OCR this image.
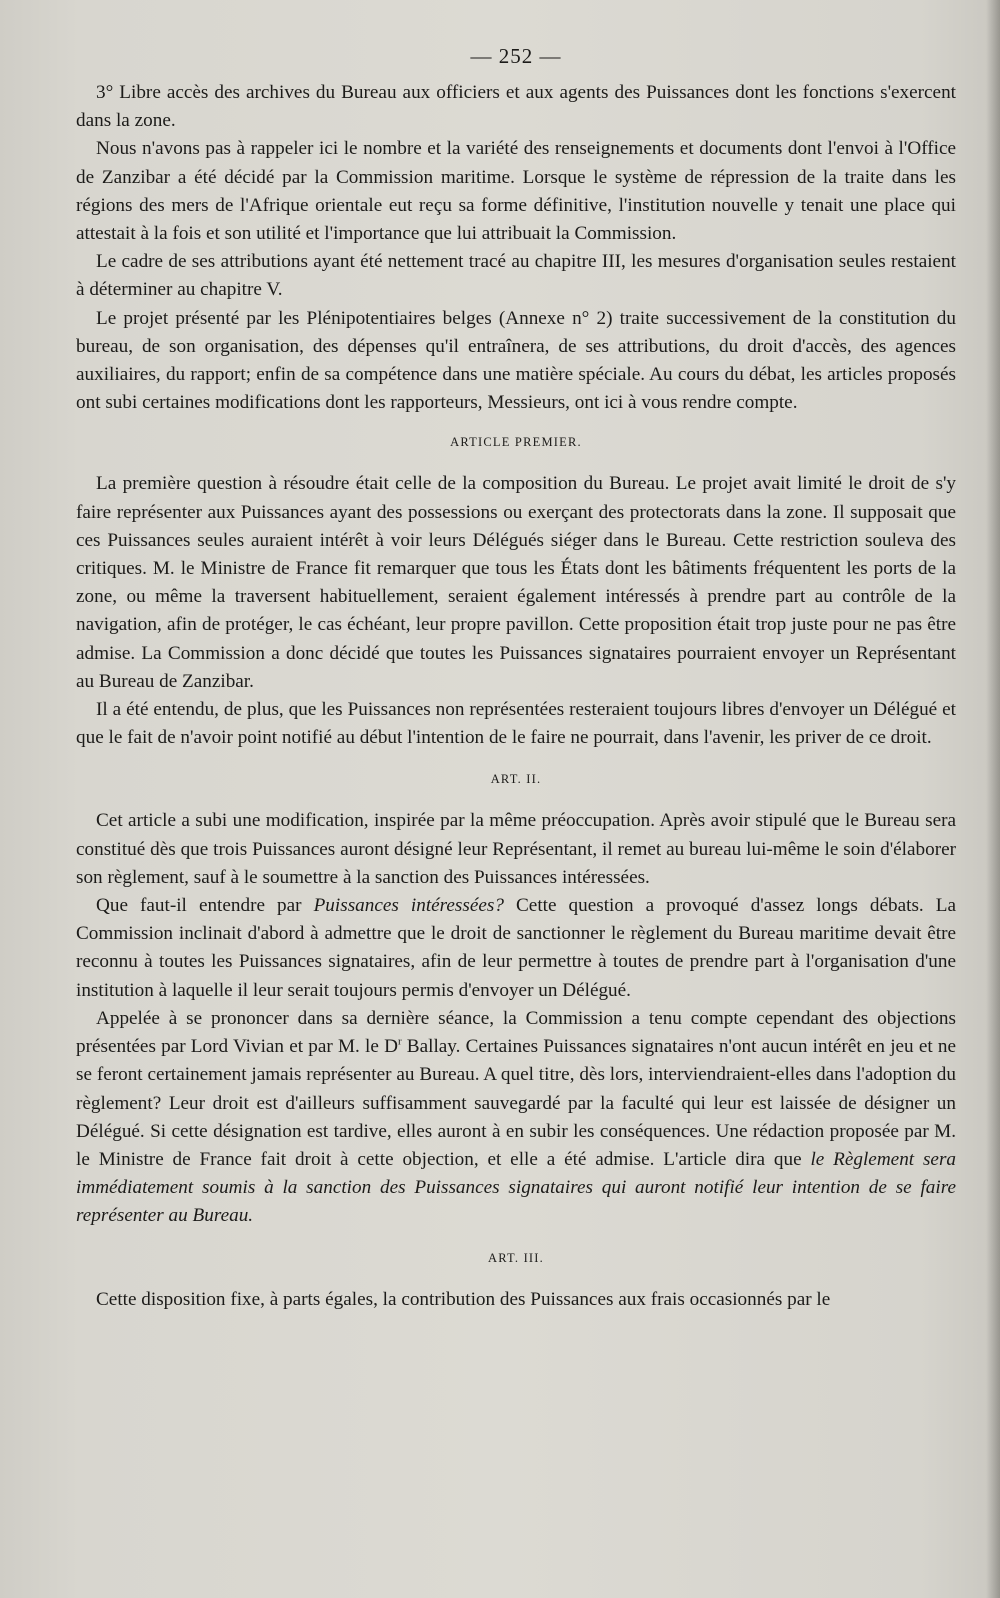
— 252 —

3° Libre accès des archives du Bureau aux officiers et aux agents des Puissances dont les fonctions s'exercent dans la zone.

Nous n'avons pas à rappeler ici le nombre et la variété des renseignements et documents dont l'envoi à l'Office de Zanzibar a été décidé par la Commission maritime. Lorsque le système de répression de la traite dans les régions des mers de l'Afrique orientale eut reçu sa forme définitive, l'institution nouvelle y tenait une place qui attestait à la fois et son utilité et l'importance que lui attribuait la Commission.

Le cadre de ses attributions ayant été nettement tracé au chapitre III, les mesures d'organisation seules restaient à déterminer au chapitre V.

Le projet présenté par les Plénipotentiaires belges (Annexe n° 2) traite successivement de la constitution du bureau, de son organisation, des dépenses qu'il entraînera, de ses attributions, du droit d'accès, des agences auxiliaires, du rapport; enfin de sa compétence dans une matière spéciale. Au cours du débat, les articles proposés ont subi certaines modifications dont les rapporteurs, Messieurs, ont ici à vous rendre compte.

ARTICLE PREMIER.

La première question à résoudre était celle de la composition du Bureau. Le projet avait limité le droit de s'y faire représenter aux Puissances ayant des possessions ou exerçant des protectorats dans la zone. Il supposait que ces Puissances seules auraient intérêt à voir leurs Délégués siéger dans le Bureau. Cette restriction souleva des critiques. M. le Ministre de France fit remarquer que tous les États dont les bâtiments fréquentent les ports de la zone, ou même la traversent habituellement, seraient également intéressés à prendre part au contrôle de la navigation, afin de protéger, le cas échéant, leur propre pavillon. Cette proposition était trop juste pour ne pas être admise. La Commission a donc décidé que toutes les Puissances signataires pourraient envoyer un Représentant au Bureau de Zanzibar.

Il a été entendu, de plus, que les Puissances non représentées resteraient toujours libres d'envoyer un Délégué et que le fait de n'avoir point notifié au début l'intention de le faire ne pourrait, dans l'avenir, les priver de ce droit.

ART. II.

Cet article a subi une modification, inspirée par la même préoccupation. Après avoir stipulé que le Bureau sera constitué dès que trois Puissances auront désigné leur Représentant, il remet au bureau lui-même le soin d'élaborer son règlement, sauf à le soumettre à la sanction des Puissances intéressées.

Que faut-il entendre par Puissances intéressées? Cette question a provoqué d'assez longs débats. La Commission inclinait d'abord à admettre que le droit de sanctionner le règlement du Bureau maritime devait être reconnu à toutes les Puissances signataires, afin de leur permettre à toutes de prendre part à l'organisation d'une institution à laquelle il leur serait toujours permis d'envoyer un Délégué.

Appelée à se prononcer dans sa dernière séance, la Commission a tenu compte cependant des objections présentées par Lord Vivian et par M. le $D^r$ Ballay. Certaines Puissances signataires n'ont aucun intérêt en jeu et ne se feront certainement jamais représenter au Bureau. A quel titre, dès lors, interviendraient-elles dans l'adoption du règlement? Leur droit est d'ailleurs suffisamment sauvegardé par la faculté qui leur est laissée de désigner un Délégué. Si cette désignation est tardive, elles auront à en subir les conséquences. Une rédaction proposée par M. le Ministre de France fait droit à cette objection, et elle a été admise. L'article dira que le Règlement sera immédiatement soumis à la sanction des Puissances signataires qui auront notifié leur intention de se faire représenter au Bureau.

ART. III.

Cette disposition fixe, à parts égales, la contribution des Puissances aux frais occasionnés par le
